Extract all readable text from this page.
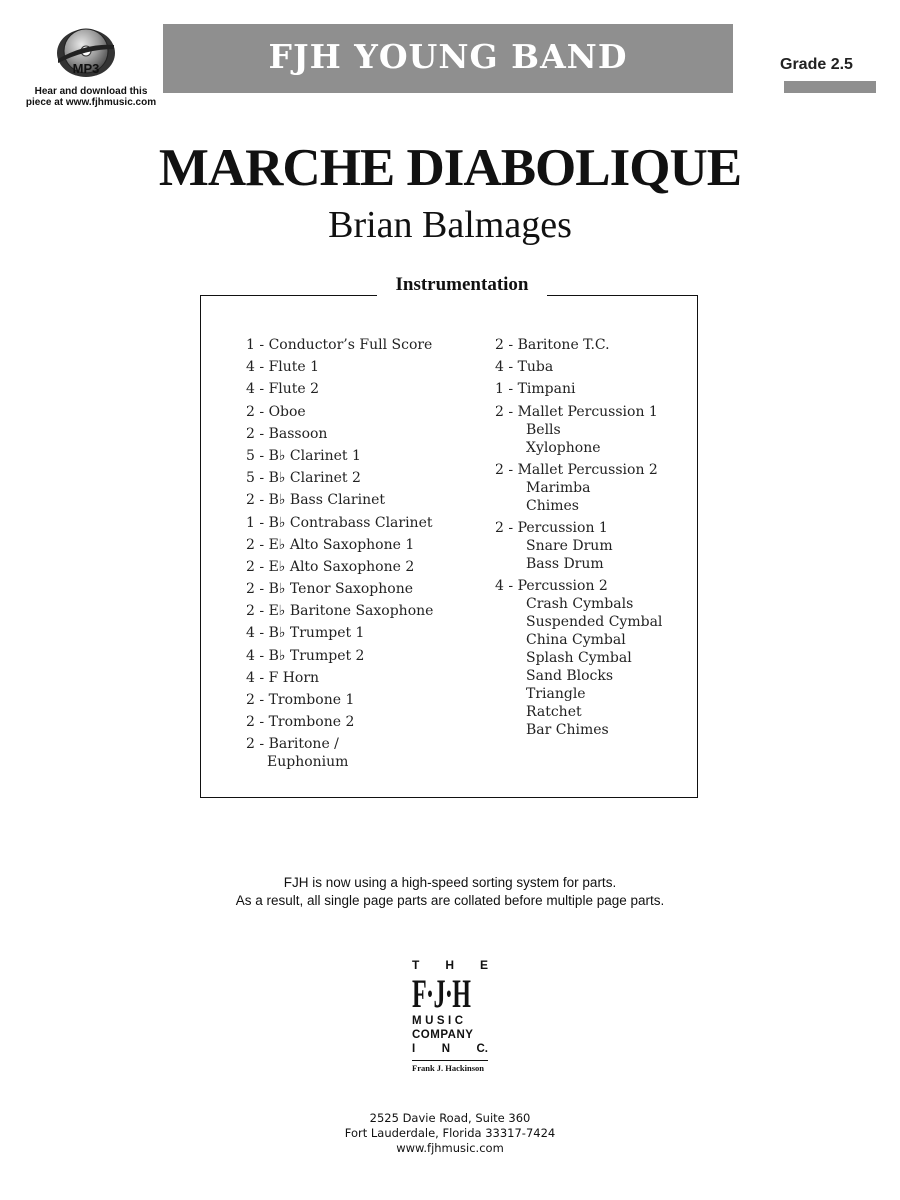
MP3
Hear and download this
piece at www.fjhmusic.com
FJH YOUNG BAND	Grade 2.5
MARCHE DIABOLIQUE
Brian Balmages
Instrumentation
1 - Conductor’s Full Score
4 - Flute 1
4 - Flute 2
2 - Oboe
2 - Bassoon
5 - B♭ Clarinet 1
5 - B♭ Clarinet 2
2 - B♭ Bass Clarinet
1 - B♭ Contrabass Clarinet
2 - E♭ Alto Saxophone 1
2 - E♭ Alto Saxophone 2
2 - B♭ Tenor Saxophone
2 - E♭ Baritone Saxophone
4 - B♭ Trumpet 1
4 - B♭ Trumpet 2
4 - F Horn
2 - Trombone 1
2 - Trombone 2
2 - Baritone /
Euphonium
2 - Baritone T.C.
4 - Tuba
1 - Timpani
2 - Mallet Percussion 1
Bells
Xylophone
2 - Mallet Percussion 2
Marimba
Chimes
2 - Percussion 1
Snare Drum
Bass Drum
4 - Percussion 2
Crash Cymbals
Suspended Cymbal
China Cymbal
Splash Cymbal
Sand Blocks
Triangle
Ratchet
Bar Chimes
FJH is now using a high-speed sorting system for parts.
As a result, all single page parts are collated before multiple page parts.
T H E
F·J·H
MUSIC
COMPANY
I N C.
Frank J. Hackinson
2525 Davie Road, Suite 360
Fort Lauderdale, Florida 33317-7424
www.fjhmusic.com
